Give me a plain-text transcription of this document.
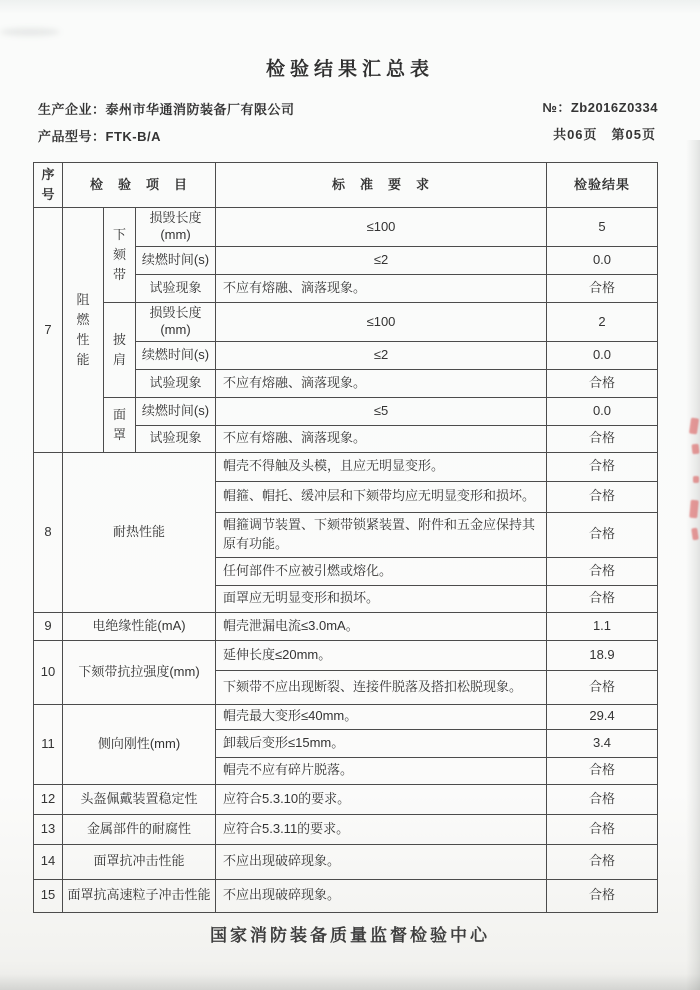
检验结果汇总表
生产企业：泰州市华通消防装备厂有限公司	№：Zb2016Z0334
产品型号：FTK-B/A	共06页　第05页
序号	检　验　项　目			标　准　要　求	检验结果
7	阻燃性能	下颏带	损毁长度(mm)	≤100	5
			续燃时间(s)	≤2	0.0
			试验现象	不应有熔融、滴落现象。	合格
		披肩	损毁长度(mm)	≤100	2
			续燃时间(s)	≤2	0.0
			试验现象	不应有熔融、滴落现象。	合格
		面罩	续燃时间(s)	≤5	0.0
			试验现象	不应有熔融、滴落现象。	合格
8	耐热性能			帽壳不得触及头模，且应无明显变形。	合格
				帽箍、帽托、缓冲层和下颏带均应无明显变形和损坏。	合格
				帽箍调节装置、下颏带锁紧装置、附件和五金应保持其原有功能。	合格
				任何部件不应被引燃或熔化。	合格
				面罩应无明显变形和损坏。	合格
9	电绝缘性能(mA)			帽壳泄漏电流≤3.0mA。	1.1
10	下颏带抗拉强度(mm)			延伸长度≤20mm。	18.9
				下颏带不应出现断裂、连接件脱落及搭扣松脱现象。	合格
11	侧向刚性(mm)			帽壳最大变形≤40mm。	29.4
				卸载后变形≤15mm。	3.4
				帽壳不应有碎片脱落。	合格
12	头盔佩戴装置稳定性			应符合5.3.10的要求。	合格
13	金属部件的耐腐性			应符合5.3.11的要求。	合格
14	面罩抗冲击性能			不应出现破碎现象。	合格
15	面罩抗高速粒子冲击性能			不应出现破碎现象。	合格
国家消防装备质量监督检验中心
